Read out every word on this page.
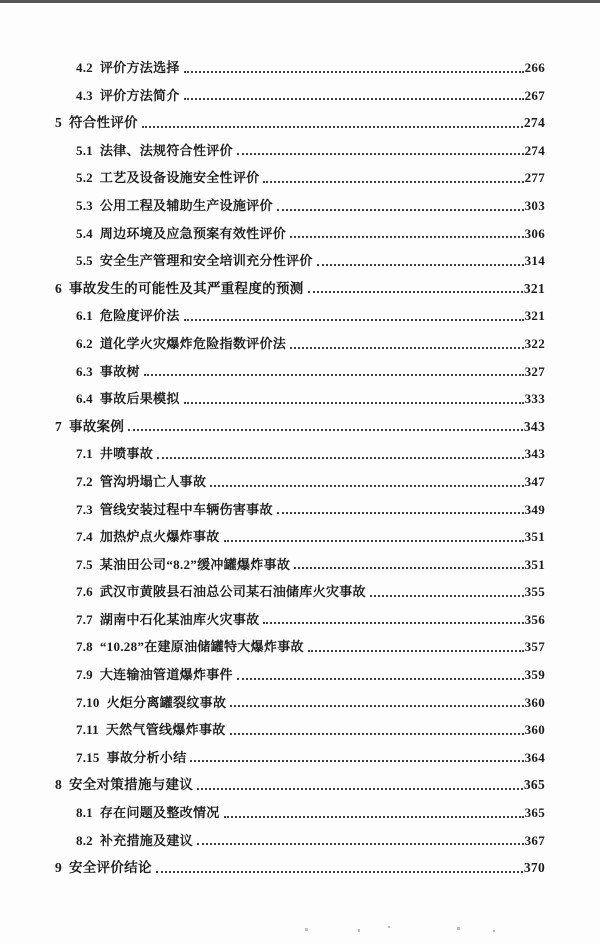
4.2 评价方法选择	266
4.3 评价方法简介	267
5 符合性评价	274
5.1 法律、法规符合性评价	274
5.2 工艺及设备设施安全性评价	277
5.3 公用工程及辅助生产设施评价	303
5.4 周边环境及应急预案有效性评价	306
5.5 安全生产管理和安全培训充分性评价	314
6 事故发生的可能性及其严重程度的预测	321
6.1 危险度评价法	321
6.2 道化学火灾爆炸危险指数评价法	322
6.3 事故树	327
6.4 事故后果模拟	333
7 事故案例	343
7.1 井喷事故	343
7.2 管沟坍塌亡人事故	347
7.3 管线安装过程中车辆伤害事故	349
7.4 加热炉点火爆炸事故	351
7.5 某油田公司“8.2”缓冲罐爆炸事故	351
7.6 武汉市黄陂县石油总公司某石油储库火灾事故	355
7.7 湖南中石化某油库火灾事故	356
7.8 “10.28”在建原油储罐特大爆炸事故	357
7.9 大连输油管道爆炸事件	359
7.10 火炬分离罐裂纹事故	360
7.11 天然气管线爆炸事故	360
7.15 事故分析小结	364
8 安全对策措施与建议	365
8.1 存在问题及整改情况	365
8.2 补充措施及建议	367
9 安全评价结论	370
